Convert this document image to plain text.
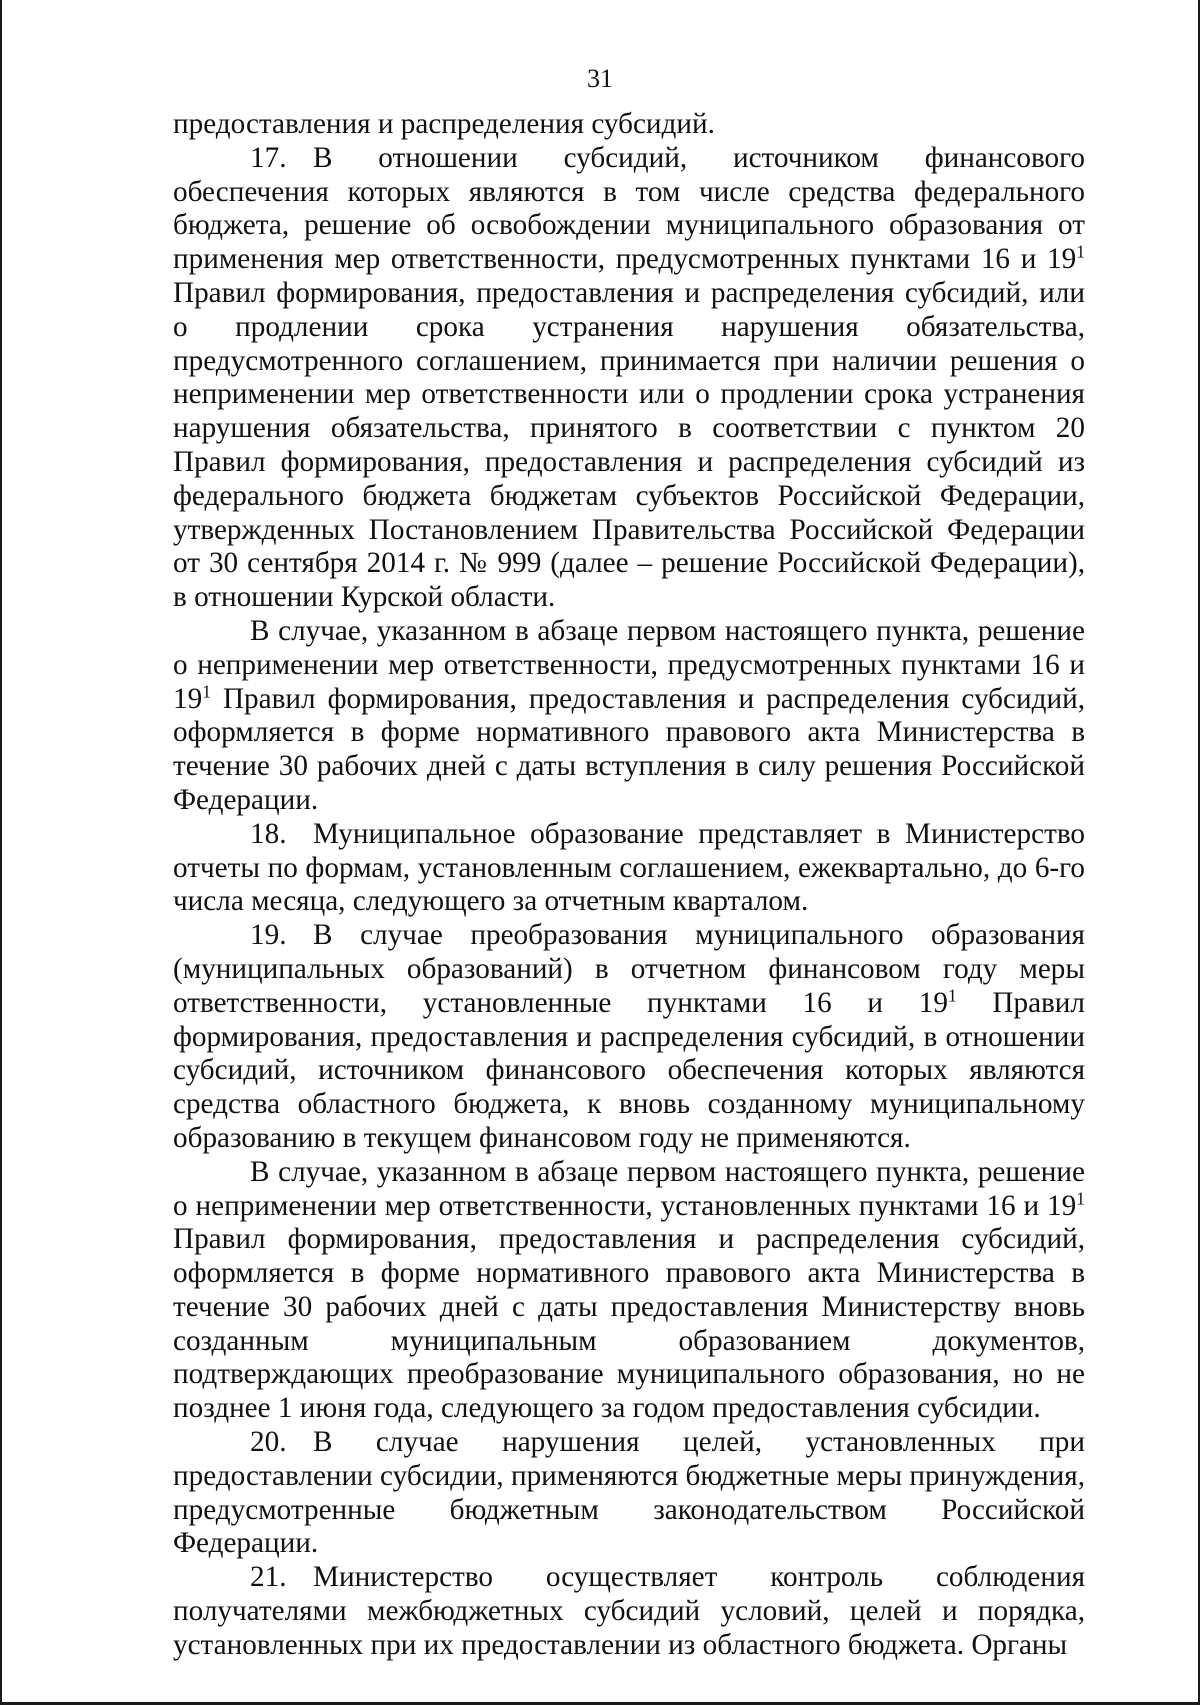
31

предоставления и распределения субсидий.

17. В отношении субсидий, источником финансового обеспечения которых являются в том числе средства федерального бюджета, решение об освобождении муниципального образования от применения мер ответственности, предусмотренных пунктами 16 и $19^1$ Правил формирования, предоставления и распределения субсидий, или о продлении срока устранения нарушения обязательства, предусмотренного соглашением, принимается при наличии решения о неприменении мер ответственности или о продлении срока устранения нарушения обязательства, принятого в соответствии с пунктом 20 Правил формирования, предоставления и распределения субсидий из федерального бюджета бюджетам субъектов Российской Федерации, утвержденных Постановлением Правительства Российской Федерации от 30 сентября 2014 г. № 999 (далее – решение Российской Федерации), в отношении Курской области.

В случае, указанном в абзаце первом настоящего пункта, решение о неприменении мер ответственности, предусмотренных пунктами 16 и $19^1$ Правил формирования, предоставления и распределения субсидий, оформляется в форме нормативного правового акта Министерства в течение 30 рабочих дней с даты вступления в силу решения Российской Федерации.

18. Муниципальное образование представляет в Министерство отчеты по формам, установленным соглашением, ежеквартально, до 6-го числа месяца, следующего за отчетным кварталом.

19. В случае преобразования муниципального образования (муниципальных образований) в отчетном финансовом году меры ответственности, установленные пунктами 16 и $19^1$ Правил формирования, предоставления и распределения субсидий, в отношении субсидий, источником финансового обеспечения которых являются средства областного бюджета, к вновь созданному муниципальному образованию в текущем финансовом году не применяются.

В случае, указанном в абзаце первом настоящего пункта, решение о неприменении мер ответственности, установленных пунктами 16 и $19^1$ Правил формирования, предоставления и распределения субсидий, оформляется в форме нормативного правового акта Министерства в течение 30 рабочих дней с даты предоставления Министерству вновь созданным муниципальным образованием документов, подтверждающих преобразование муниципального образования, но не позднее 1 июня года, следующего за годом предоставления субсидии.

20. В случае нарушения целей, установленных при предоставлении субсидии, применяются бюджетные меры принуждения, предусмотренные бюджетным законодательством Российской Федерации.

21. Министерство осуществляет контроль соблюдения получателями межбюджетных субсидий условий, целей и порядка, установленных при их предоставлении из областного бюджета. Органы
